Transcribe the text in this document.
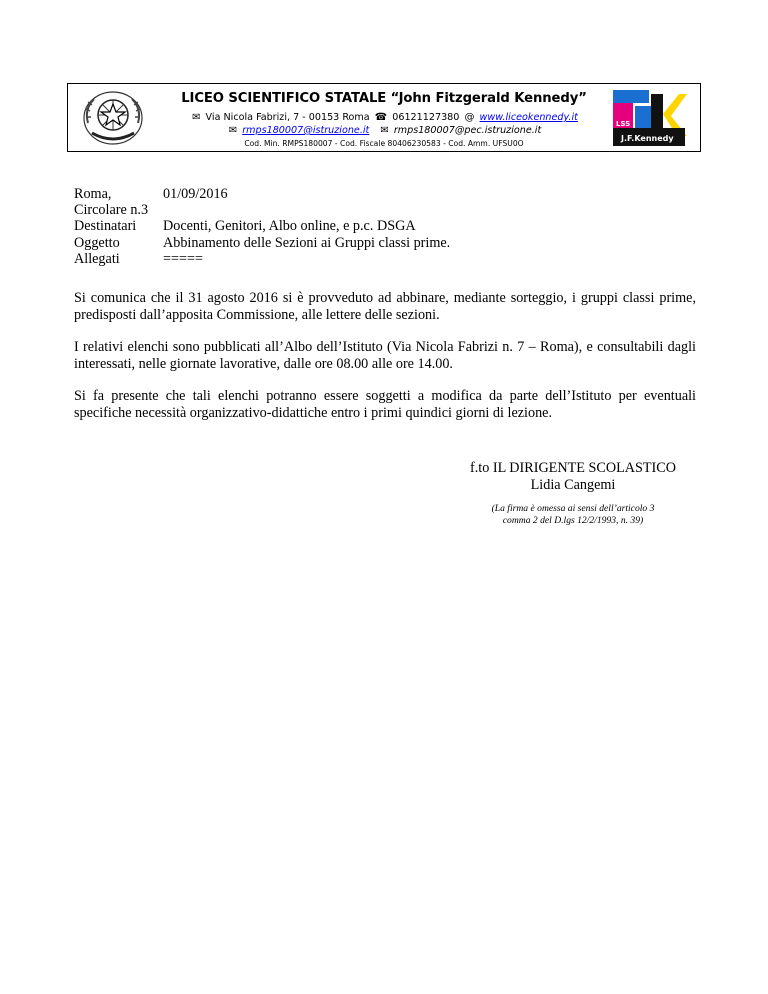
LICEO SCIENTIFICO STATALE “John Fitzgerald Kennedy”
✉ Via Nicola Fabrizi, 7 - 00153 Roma ☎ 06121127380 @ www.liceokennedy.it
✉ rmps180007@istruzione.it ✉ rmps180007@pec.istruzione.it
Cod. Min. RMPS180007 - Cod. Fiscale 80406230583 - Cod. Amm. UFSU0O
LSS
J.F.Kennedy
Roma,	01/09/2016
Circolare n.3
Destinatari	Docenti, Genitori, Albo online, e p.c. DSGA
Oggetto	Abbinamento delle Sezioni ai Gruppi classi prime.
Allegati	=====

Si comunica che il 31 agosto 2016 si è provveduto ad abbinare, mediante sorteggio, i gruppi classi prime, predisposti dall’apposita Commissione, alle lettere delle sezioni.

I relativi elenchi sono pubblicati all’Albo dell’Istituto (Via Nicola Fabrizi n. 7 – Roma), e consultabili dagli interessati, nelle giornate lavorative, dalle ore 08.00 alle ore 14.00.

Si fa presente che tali elenchi potranno essere soggetti a modifica da parte dell’Istituto per eventuali specifiche necessità organizzativo-didattiche entro i primi quindici giorni di lezione.

f.to IL DIRIGENTE SCOLASTICO
Lidia Cangemi
(La firma è omessa ai sensi dell’articolo 3
comma 2 del D.lgs 12/2/1993, n. 39)
